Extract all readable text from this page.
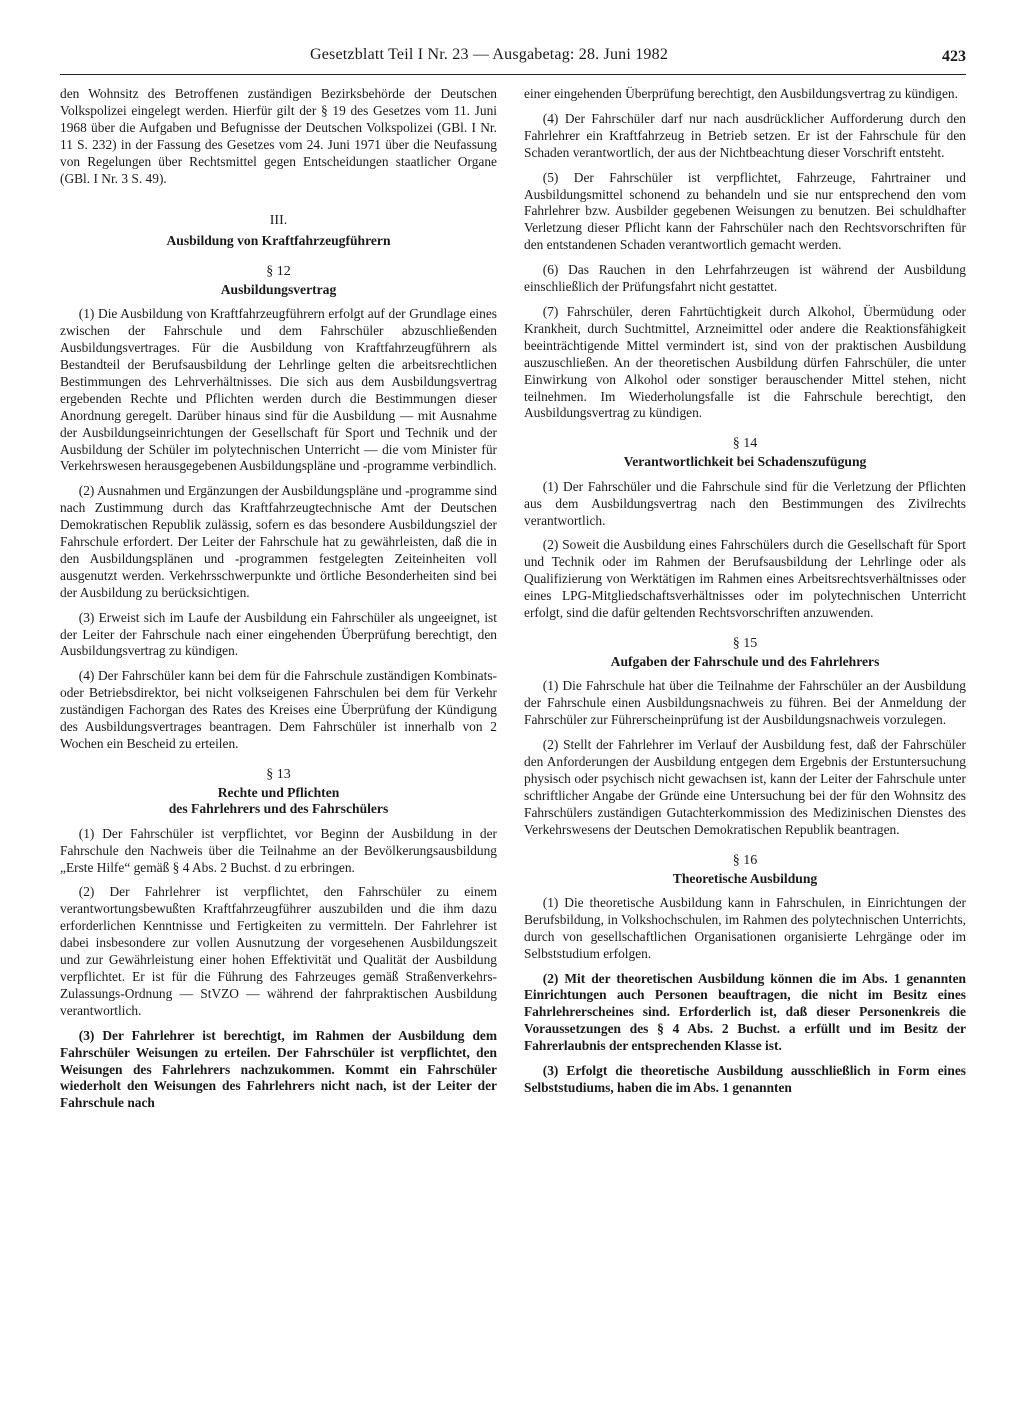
Gesetzblatt Teil I Nr. 23 — Ausgabetag: 28. Juni 1982	423

den Wohnsitz des Betroffenen zuständigen Bezirksbehörde der Deutschen Volkspolizei eingelegt werden. Hierfür gilt der § 19 des Gesetzes vom 11. Juni 1968 über die Aufgaben und Befugnisse der Deutschen Volkspolizei (GBl. I Nr. 11 S. 232) in der Fassung des Gesetzes vom 24. Juni 1971 über die Neufassung von Regelungen über Rechtsmittel gegen Entscheidungen staatlicher Organe (GBl. I Nr. 3 S. 49).

III.
Ausbildung von Kraftfahrzeugführern
§ 12
Ausbildungsvertrag

(1) Die Ausbildung von Kraftfahrzeugführern erfolgt auf der Grundlage eines zwischen der Fahrschule und dem Fahrschüler abzuschließenden Ausbildungsvertrages. Für die Ausbildung von Kraftfahrzeugführern als Bestandteil der Berufsausbildung der Lehrlinge gelten die arbeitsrechtlichen Bestimmungen des Lehrverhältnisses. Die sich aus dem Ausbildungsvertrag ergebenden Rechte und Pflichten werden durch die Bestimmungen dieser Anordnung geregelt. Darüber hinaus sind für die Ausbildung — mit Ausnahme der Ausbildungseinrichtungen der Gesellschaft für Sport und Technik und der Ausbildung der Schüler im polytechnischen Unterricht — die vom Minister für Verkehrswesen herausgegebenen Ausbildungspläne und -programme verbindlich.

(2) Ausnahmen und Ergänzungen der Ausbildungspläne und -programme sind nach Zustimmung durch das Kraftfahrzeugtechnische Amt der Deutschen Demokratischen Republik zulässig, sofern es das besondere Ausbildungsziel der Fahrschule erfordert. Der Leiter der Fahrschule hat zu gewährleisten, daß die in den Ausbildungsplänen und -programmen festgelegten Zeiteinheiten voll ausgenutzt werden. Verkehrsschwerpunkte und örtliche Besonderheiten sind bei der Ausbildung zu berücksichtigen.

(3) Erweist sich im Laufe der Ausbildung ein Fahrschüler als ungeeignet, ist der Leiter der Fahrschule nach einer eingehenden Überprüfung berechtigt, den Ausbildungsvertrag zu kündigen.

(4) Der Fahrschüler kann bei dem für die Fahrschule zuständigen Kombinats- oder Betriebsdirektor, bei nicht volkseigenen Fahrschulen bei dem für Verkehr zuständigen Fachorgan des Rates des Kreises eine Überprüfung der Kündigung des Ausbildungsvertrages beantragen. Dem Fahrschüler ist innerhalb von 2 Wochen ein Bescheid zu erteilen.

§ 13
Rechte und Pflichten
des Fahrlehrers und des Fahrschülers

(1) Der Fahrschüler ist verpflichtet, vor Beginn der Ausbildung in der Fahrschule den Nachweis über die Teilnahme an der Bevölkerungsausbildung „Erste Hilfe“ gemäß § 4 Abs. 2 Buchst. d zu erbringen.

(2) Der Fahrlehrer ist verpflichtet, den Fahrschüler zu einem verantwortungsbewußten Kraftfahrzeugführer auszubilden und die ihm dazu erforderlichen Kenntnisse und Fertigkeiten zu vermitteln. Der Fahrlehrer ist dabei insbesondere zur vollen Ausnutzung der vorgesehenen Ausbildungszeit und zur Gewährleistung einer hohen Effektivität und Qualität der Ausbildung verpflichtet. Er ist für die Führung des Fahrzeuges gemäß Straßenverkehrs-Zulassungs-Ordnung — StVZO — während der fahrpraktischen Ausbildung verantwortlich.

(3) Der Fahrlehrer ist berechtigt, im Rahmen der Ausbildung dem Fahrschüler Weisungen zu erteilen. Der Fahrschüler ist verpflichtet, den Weisungen des Fahrlehrers nachzukommen. Kommt ein Fahrschüler wiederholt den Weisungen des Fahrlehrers nicht nach, ist der Leiter der Fahrschule nach

einer eingehenden Überprüfung berechtigt, den Ausbildungsvertrag zu kündigen.

(4) Der Fahrschüler darf nur nach ausdrücklicher Aufforderung durch den Fahrlehrer ein Kraftfahrzeug in Betrieb setzen. Er ist der Fahrschule für den Schaden verantwortlich, der aus der Nichtbeachtung dieser Vorschrift entsteht.

(5) Der Fahrschüler ist verpflichtet, Fahrzeuge, Fahrtrainer und Ausbildungsmittel schonend zu behandeln und sie nur entsprechend den vom Fahrlehrer bzw. Ausbilder gegebenen Weisungen zu benutzen. Bei schuldhafter Verletzung dieser Pflicht kann der Fahrschüler nach den Rechtsvorschriften für den entstandenen Schaden verantwortlich gemacht werden.

(6) Das Rauchen in den Lehrfahrzeugen ist während der Ausbildung einschließlich der Prüfungsfahrt nicht gestattet.

(7) Fahrschüler, deren Fahrtüchtigkeit durch Alkohol, Übermüdung oder Krankheit, durch Suchtmittel, Arzneimittel oder andere die Reaktionsfähigkeit beeinträchtigende Mittel vermindert ist, sind von der praktischen Ausbildung auszuschließen. An der theoretischen Ausbildung dürfen Fahrschüler, die unter Einwirkung von Alkohol oder sonstiger berauschender Mittel stehen, nicht teilnehmen. Im Wiederholungsfalle ist die Fahrschule berechtigt, den Ausbildungsvertrag zu kündigen.

§ 14
Verantwortlichkeit bei Schadenszufügung

(1) Der Fahrschüler und die Fahrschule sind für die Verletzung der Pflichten aus dem Ausbildungsvertrag nach den Bestimmungen des Zivilrechts verantwortlich.

(2) Soweit die Ausbildung eines Fahrschülers durch die Gesellschaft für Sport und Technik oder im Rahmen der Berufsausbildung der Lehrlinge oder als Qualifizierung von Werktätigen im Rahmen eines Arbeitsrechtsverhältnisses oder eines LPG-Mitgliedschaftsverhältnisses oder im polytechnischen Unterricht erfolgt, sind die dafür geltenden Rechtsvorschriften anzuwenden.

§ 15
Aufgaben der Fahrschule und des Fahrlehrers

(1) Die Fahrschule hat über die Teilnahme der Fahrschüler an der Ausbildung der Fahrschule einen Ausbildungsnachweis zu führen. Bei der Anmeldung der Fahrschüler zur Führerscheinprüfung ist der Ausbildungsnachweis vorzulegen.

(2) Stellt der Fahrlehrer im Verlauf der Ausbildung fest, daß der Fahrschüler den Anforderungen der Ausbildung entgegen dem Ergebnis der Erstuntersuchung physisch oder psychisch nicht gewachsen ist, kann der Leiter der Fahrschule unter schriftlicher Angabe der Gründe eine Untersuchung bei der für den Wohnsitz des Fahrschülers zuständigen Gutachterkommission des Medizinischen Dienstes des Verkehrswesens der Deutschen Demokratischen Republik beantragen.

§ 16
Theoretische Ausbildung

(1) Die theoretische Ausbildung kann in Fahrschulen, in Einrichtungen der Berufsbildung, in Volkshochschulen, im Rahmen des polytechnischen Unterrichts, durch von gesellschaftlichen Organisationen organisierte Lehrgänge oder im Selbststudium erfolgen.

(2) Mit der theoretischen Ausbildung können die im Abs. 1 genannten Einrichtungen auch Personen beauftragen, die nicht im Besitz eines Fahrlehrerscheines sind. Erforderlich ist, daß dieser Personenkreis die Voraussetzungen des § 4 Abs. 2 Buchst. a erfüllt und im Besitz der Fahrerlaubnis der entsprechenden Klasse ist.

(3) Erfolgt die theoretische Ausbildung ausschließlich in Form eines Selbststudiums, haben die im Abs. 1 genannten
